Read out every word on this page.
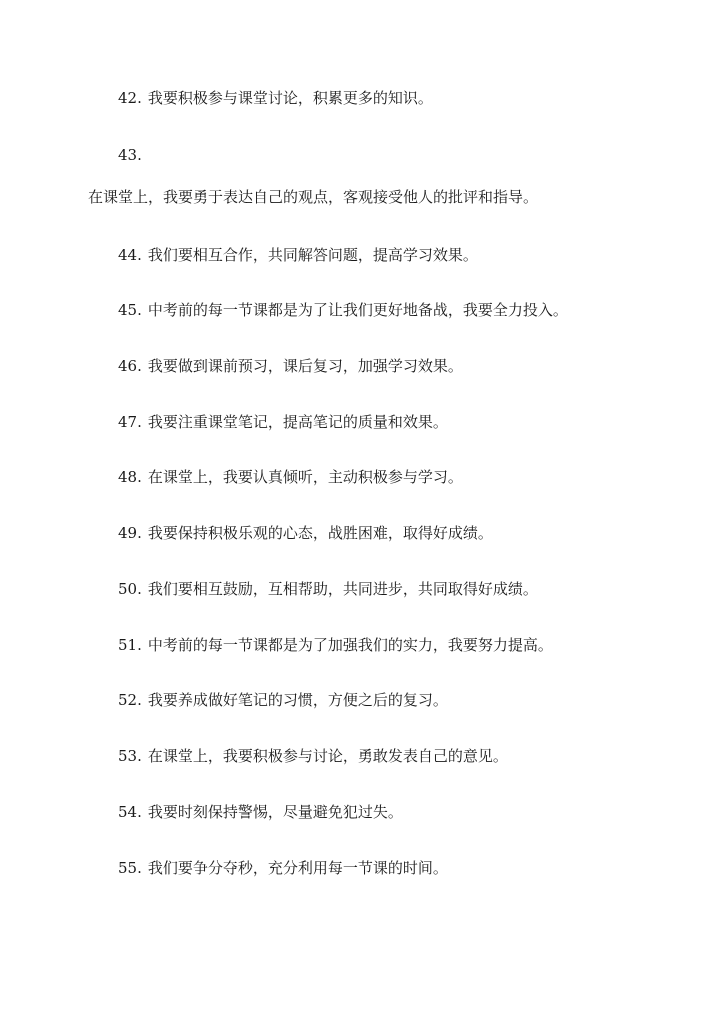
42. 我要积极参与课堂讨论，积累更多的知识。
43.
在课堂上，我要勇于表达自己的观点，客观接受他人的批评和指导。
44. 我们要相互合作，共同解答问题，提高学习效果。
45. 中考前的每一节课都是为了让我们更好地备战，我要全力投入。
46. 我要做到课前预习，课后复习，加强学习效果。
47. 我要注重课堂笔记，提高笔记的质量和效果。
48. 在课堂上，我要认真倾听，主动积极参与学习。
49. 我要保持积极乐观的心态，战胜困难，取得好成绩。
50. 我们要相互鼓励，互相帮助，共同进步，共同取得好成绩。
51. 中考前的每一节课都是为了加强我们的实力，我要努力提高。
52. 我要养成做好笔记的习惯，方便之后的复习。
53. 在课堂上，我要积极参与讨论，勇敢发表自己的意见。
54. 我要时刻保持警惕，尽量避免犯过失。
55. 我们要争分夺秒，充分利用每一节课的时间。
